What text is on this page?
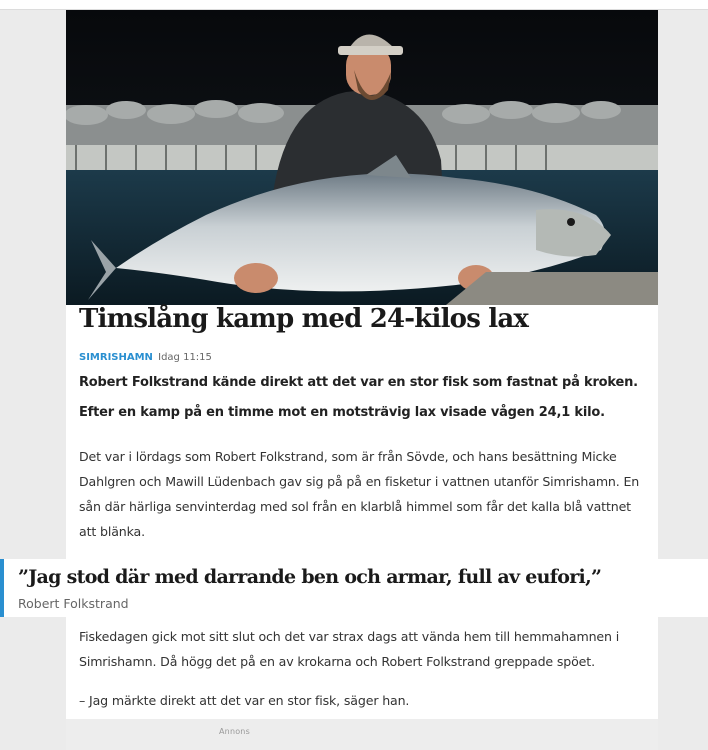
Timslång kamp med 24-kilos lax
SIMRISHAMN Idag 11:15

Robert Folkstrand kände direkt att det var en stor fisk som fastnat på kroken.

Efter en kamp på en timme mot en motsträvig lax visade vågen 24,1 kilo.

Det var i lördags som Robert Folkstrand, som är från Sövde, och hans besättning Micke Dahlgren och Mawill Lüdenbach gav sig på på en fisketur i vattnen utanför Simrishamn. En sån där härliga senvinterdag med sol från en klarblå himmel som får det kalla blå vattnet att blänka.

”Jag stod där med darrande ben och armar, full av eufori,”

Robert Folkstrand

Fiskedagen gick mot sitt slut och det var strax dags att vända hem till hemmahamnen i Simrishamn. Då högg det på en av krokarna och Robert Folkstrand greppade spöet.

– Jag märkte direkt att det var en stor fisk, säger han.

Annons
